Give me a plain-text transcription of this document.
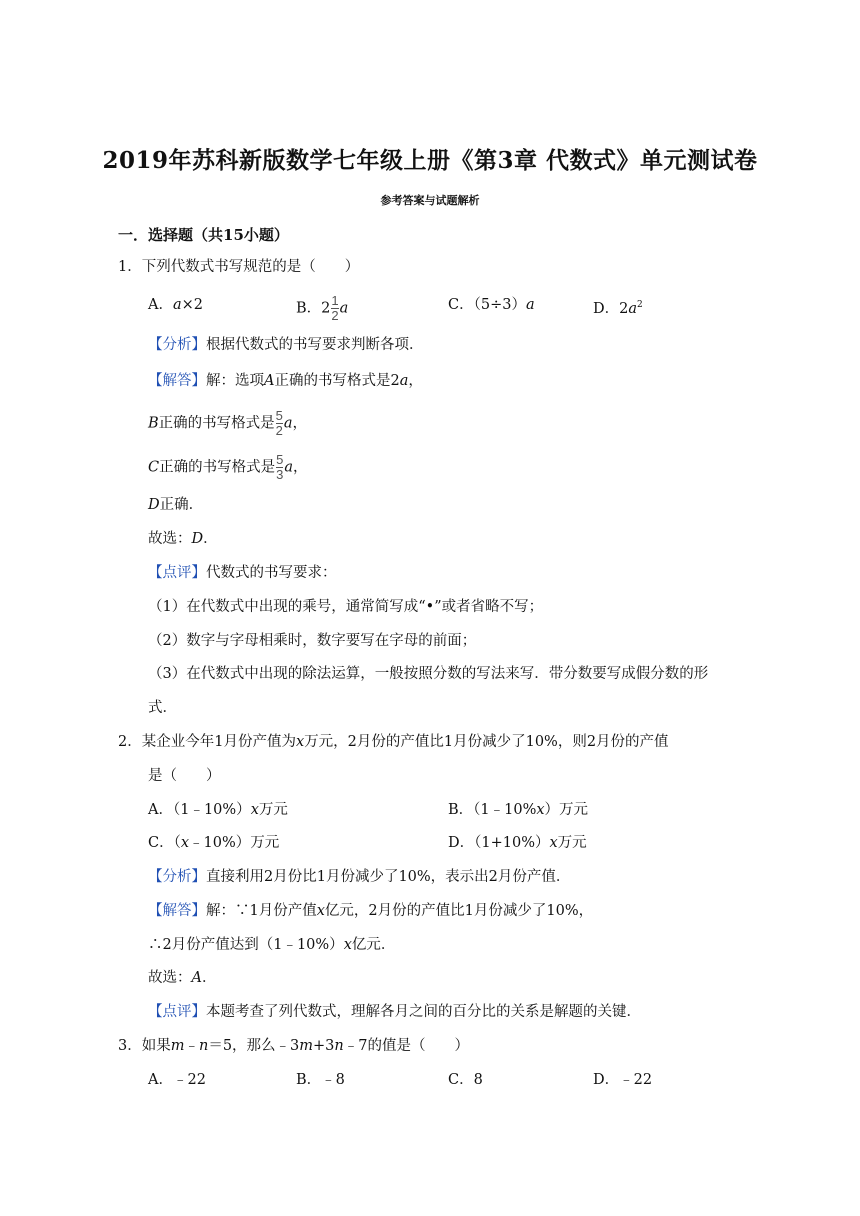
2019年苏科新版数学七年级上册《第3章 代数式》单元测试卷
参考答案与试题解析
一．选择题（共15小题）
1．下列代数式书写规范的是（　　）
A．a×2	B．$2 \frac{1}{2}$ a	C．（5÷3）a	D．$2a^2$
【分析】根据代数式的书写要求判断各项．
【解答】解：选项A正确的书写格式是2a，
B正确的书写格式是 $\frac{5}{2}$ a，
C正确的书写格式是 $\frac{5}{3}$ a，
D正确．
故选：D．
【点评】代数式的书写要求：
（1）在代数式中出现的乘号，通常简写成“•”或者省略不写；
（2）数字与字母相乘时，数字要写在字母的前面；
（3）在代数式中出现的除法运算，一般按照分数的写法来写．带分数要写成假分数的形
式．
2．某企业今年1月份产值为x万元，2月份的产值比1月份减少了10%，则2月份的产值
是（　　）
A．（1﹣10%）x万元	B．（1﹣10%x）万元
C．（x﹣10%）万元	D．（1+10%）x万元
【分析】直接利用2月份比1月份减少了10%，表示出2月份产值．
【解答】解：∵1月份产值x亿元，2月份的产值比1月份减少了10%，
∴2月份产值达到（1﹣10%）x亿元．
故选：A．
【点评】本题考查了列代数式，理解各月之间的百分比的关系是解题的关键．
3．如果m﹣n＝5，那么﹣3m+3n﹣7的值是（　　）
A．﹣22	B．﹣8	C．8	D．﹣22
